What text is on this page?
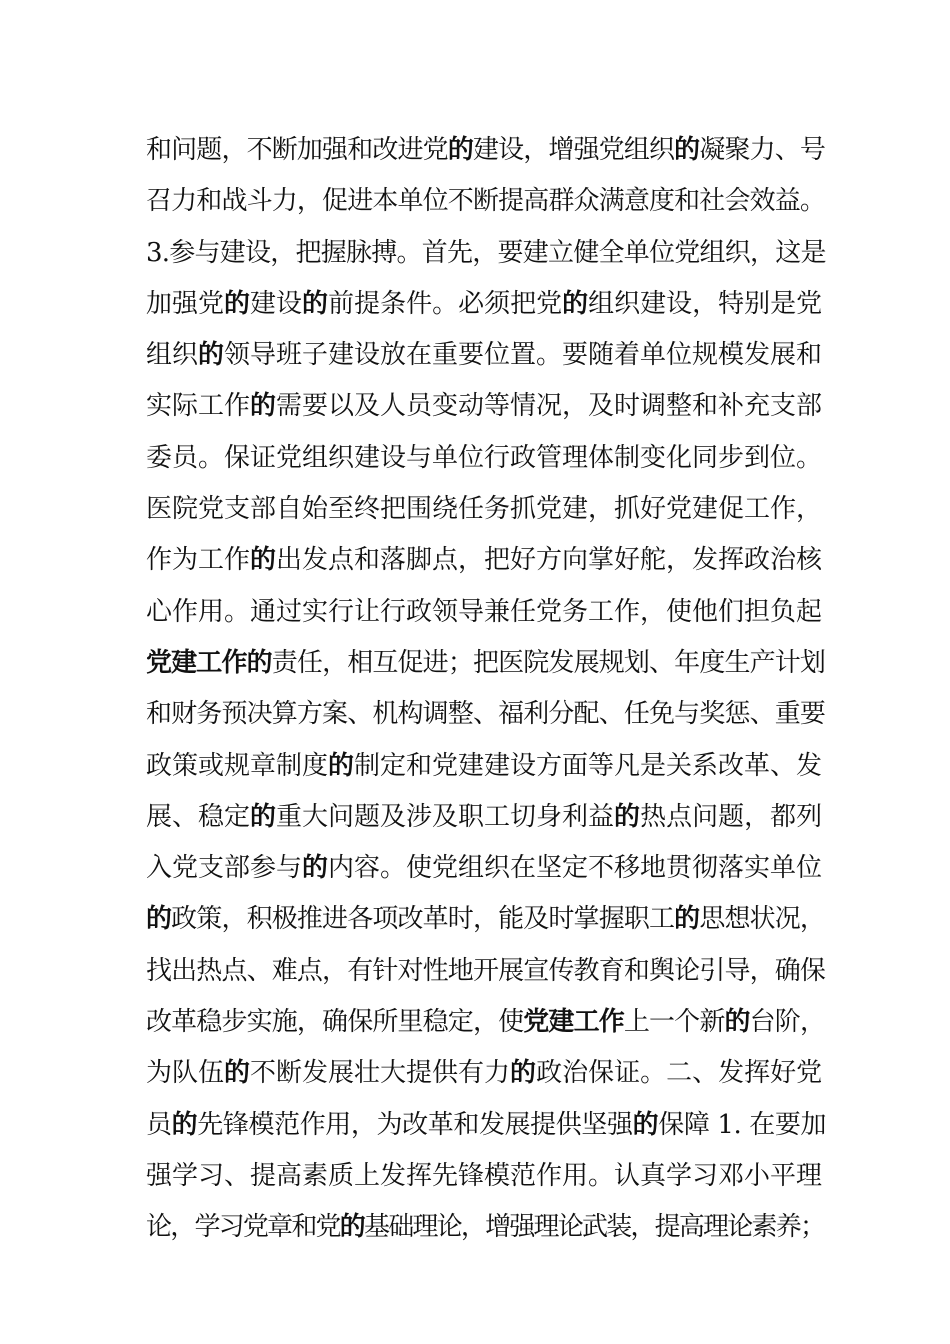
和问题，不断加强和改进党的建设，增强党组织的凝聚力、号
召力和战斗力，促进本单位不断提高群众满意度和社会效益。
3.参与建设，把握脉搏。首先，要建立健全单位党组织，这是
加强党的建设的前提条件。必须把党的组织建设，特别是党
组织的领导班子建设放在重要位置。要随着单位规模发展和
实际工作的需要以及人员变动等情况，及时调整和补充支部
委员。保证党组织建设与单位行政管理体制变化同步到位。
医院党支部自始至终把围绕任务抓党建，抓好党建促工作，
作为工作的出发点和落脚点，把好方向掌好舵，发挥政治核
心作用。通过实行让行政领导兼任党务工作，使他们担负起
党建工作的责任，相互促进；把医院发展规划、年度生产计划
和财务预决算方案、机构调整、福利分配、任免与奖惩、重要
政策或规章制度的制定和党建建设方面等凡是关系改革、发
展、稳定的重大问题及涉及职工切身利益的热点问题，都列
入党支部参与的内容。使党组织在坚定不移地贯彻落实单位
的政策，积极推进各项改革时，能及时掌握职工的思想状况，
找出热点、难点，有针对性地开展宣传教育和舆论引导，确保
改革稳步实施，确保所里稳定，使党建工作上一个新的台阶，
为队伍的不断发展壮大提供有力的政治保证。二、发挥好党
员的先锋模范作用，为改革和发展提供坚强的保障 1. 在要加
强学习、提高素质上发挥先锋模范作用。认真学习邓小平理
论，学习党章和党的基础理论，增强理论武装，提高理论素养；
